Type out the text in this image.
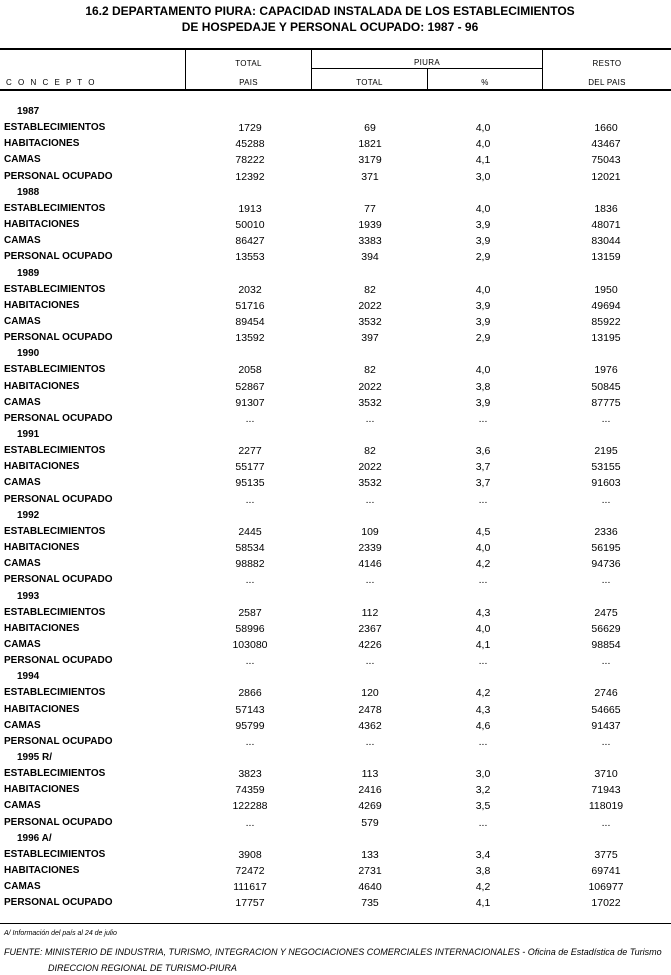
16.2 DEPARTAMENTO PIURA: CAPACIDAD INSTALADA DE LOS ESTABLECIMIENTOS
DE HOSPEDAJE Y PERSONAL OCUPADO: 1987 - 96
C O N C E P T O
TOTAL
PAIS
PIURA
TOTAL	%
RESTO
DEL PAIS
1987
ESTABLECIMIENTOS	1729	69	4,0	1660
HABITACIONES	45288	1821	4,0	43467
CAMAS	78222	3179	4,1	75043
PERSONAL OCUPADO	12392	371	3,0	12021
1988
ESTABLECIMIENTOS	1913	77	4,0	1836
HABITACIONES	50010	1939	3,9	48071
CAMAS	86427	3383	3,9	83044
PERSONAL OCUPADO	13553	394	2,9	13159
1989
ESTABLECIMIENTOS	2032	82	4,0	1950
HABITACIONES	51716	2022	3,9	49694
CAMAS	89454	3532	3,9	85922
PERSONAL OCUPADO	13592	397	2,9	13195
1990
ESTABLECIMIENTOS	2058	82	4,0	1976
HABITACIONES	52867	2022	3,8	50845
CAMAS	91307	3532	3,9	87775
PERSONAL OCUPADO	...	...	...	...
1991
ESTABLECIMIENTOS	2277	82	3,6	2195
HABITACIONES	55177	2022	3,7	53155
CAMAS	95135	3532	3,7	91603
PERSONAL OCUPADO	...	...	...	...
1992
ESTABLECIMIENTOS	2445	109	4,5	2336
HABITACIONES	58534	2339	4,0	56195
CAMAS	98882	4146	4,2	94736
PERSONAL OCUPADO	...	...	...	...
1993
ESTABLECIMIENTOS	2587	112	4,3	2475
HABITACIONES	58996	2367	4,0	56629
CAMAS	103080	4226	4,1	98854
PERSONAL OCUPADO	...	...	...	...
1994
ESTABLECIMIENTOS	2866	120	4,2	2746
HABITACIONES	57143	2478	4,3	54665
CAMAS	95799	4362	4,6	91437
PERSONAL OCUPADO	...	...	...	...
1995 R/
ESTABLECIMIENTOS	3823	113	3,0	3710
HABITACIONES	74359	2416	3,2	71943
CAMAS	122288	4269	3,5	118019
PERSONAL OCUPADO	...	579	...	...
1996 A/
ESTABLECIMIENTOS	3908	133	3,4	3775
HABITACIONES	72472	2731	3,8	69741
CAMAS	111617	4640	4,2	106977
PERSONAL OCUPADO	17757	735	4,1	17022
A/ Información del país al 24 de julio
FUENTE: MINISTERIO DE INDUSTRIA, TURISMO, INTEGRACION Y NEGOCIACIONES COMERCIALES INTERNACIONALES - Oficina de Estadística de Turismo
DIRECCION REGIONAL DE TURISMO-PIURA
